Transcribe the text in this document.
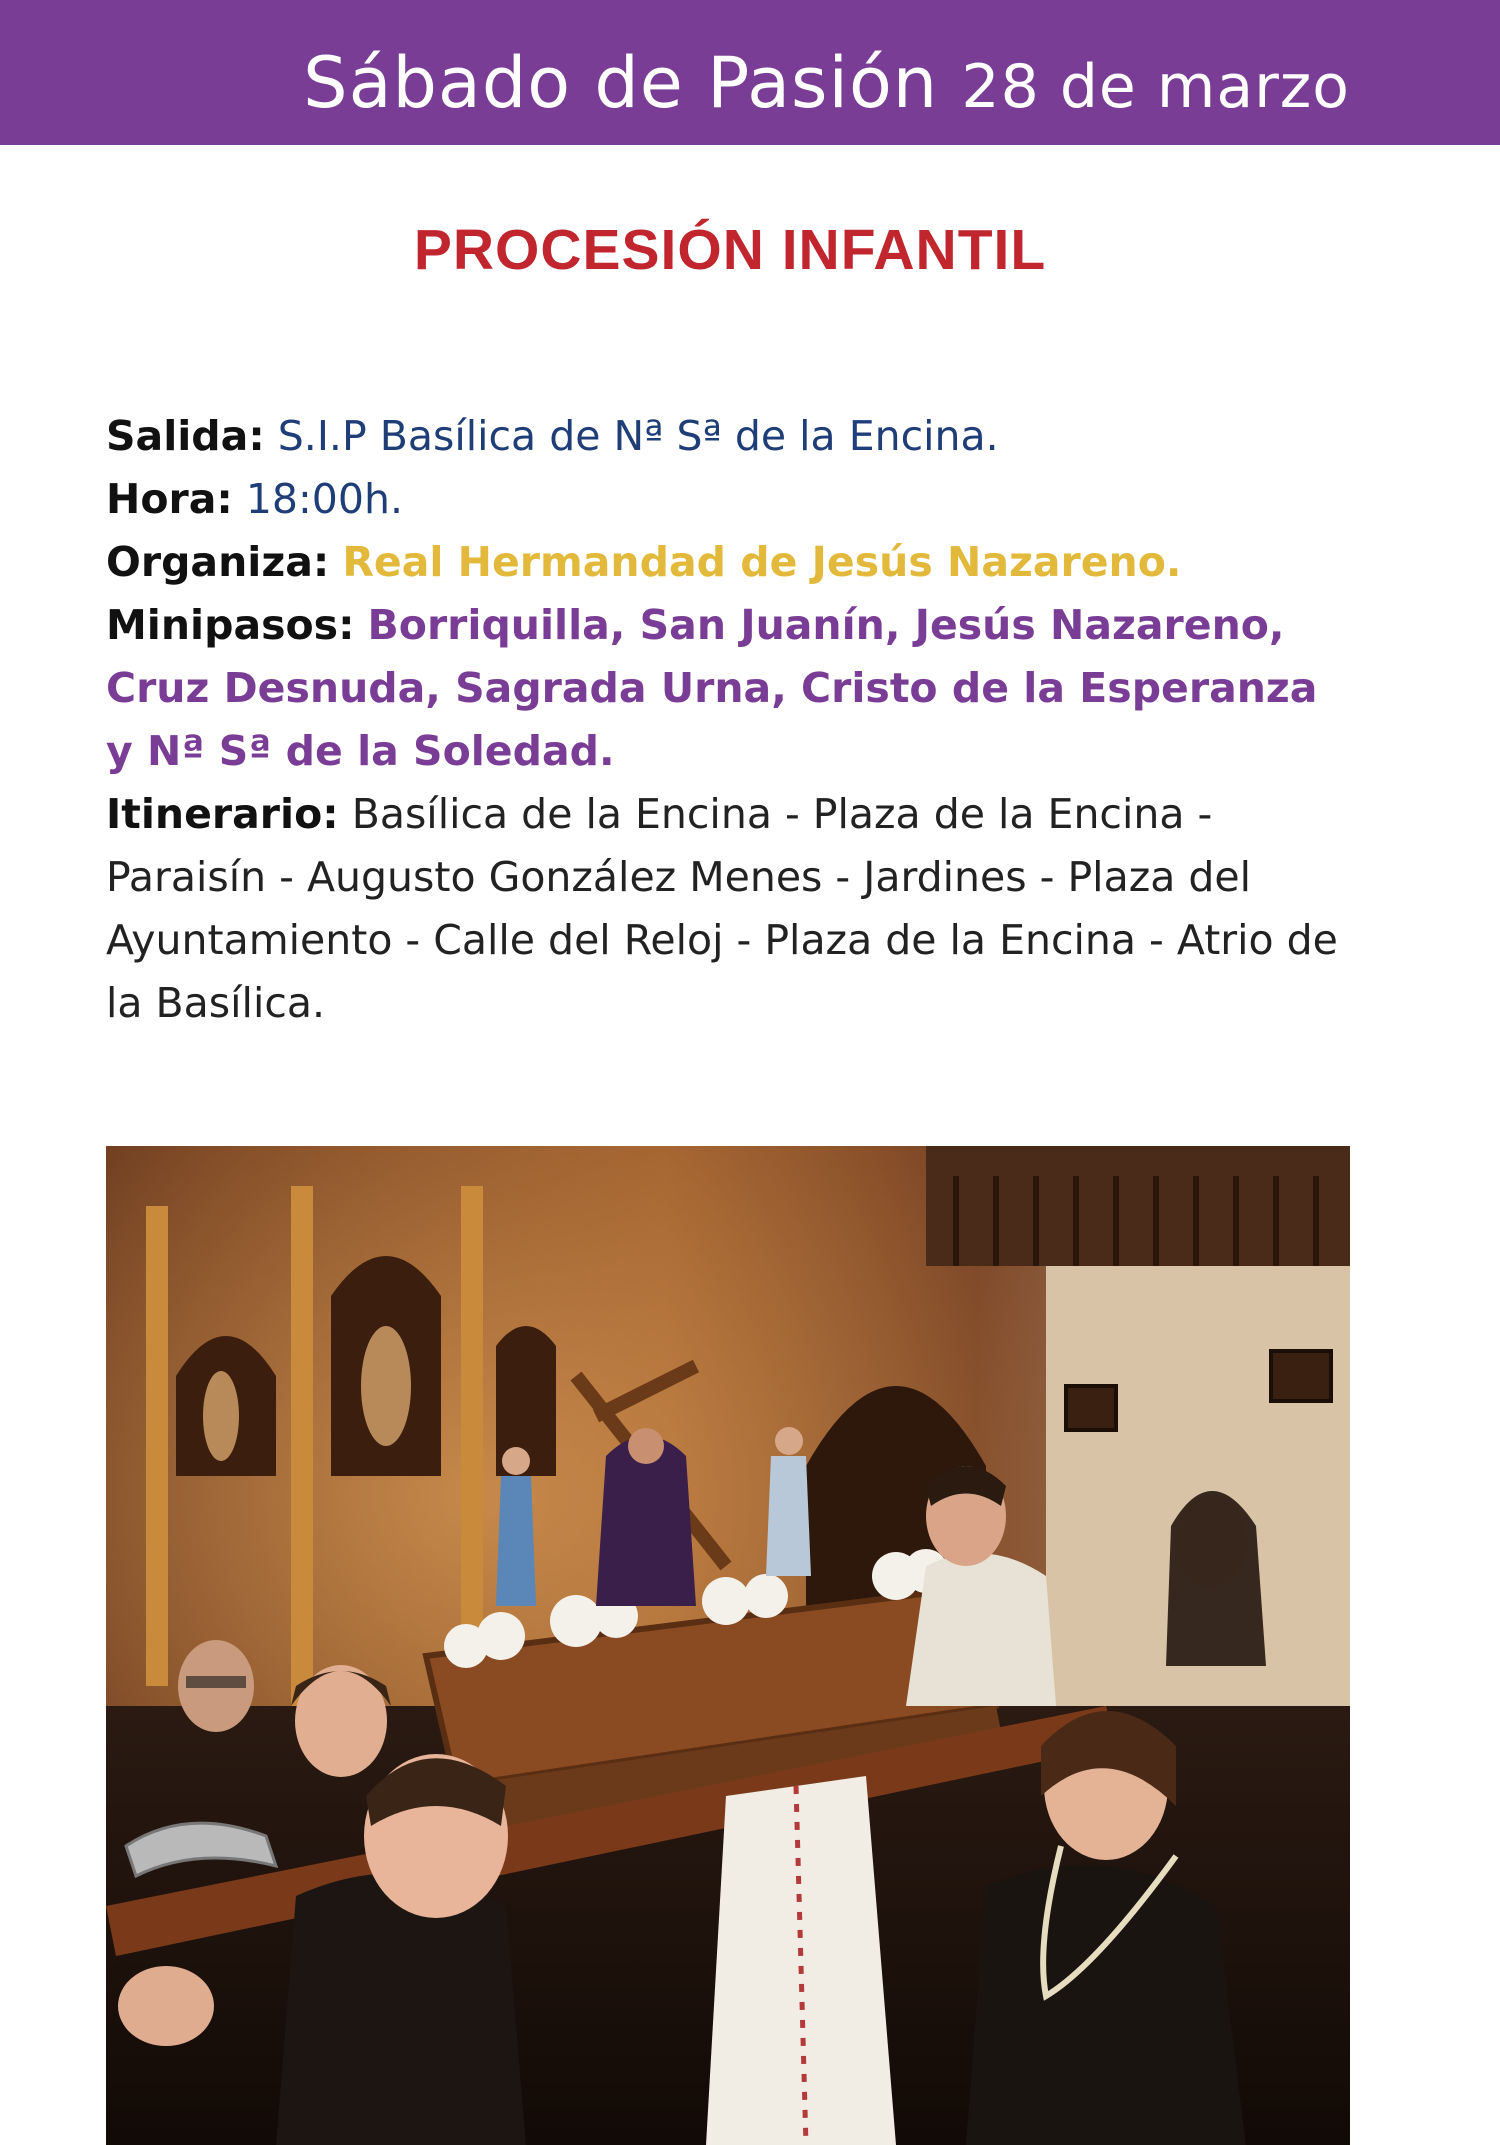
Sábado de Pasión 28 de marzo
PROCESIÓN INFANTIL

Salida: S.I.P Basílica de Nª Sª de la Encina.

Hora: 18:00h.

Organiza: Real Hermandad de Jesús Nazareno.

Minipasos: Borriquilla, San Juanín, Jesús Nazareno, Cruz Desnuda, Sagrada Urna, Cristo de la Esperanza y Nª Sª de la Soledad.

Itinerario: Basílica de la Encina - Plaza de la Encina - Paraisín - Augusto González Menes - Jardines - Plaza del Ayuntamiento - Calle del Reloj - Plaza de la Encina - Atrio de la Basílica.
